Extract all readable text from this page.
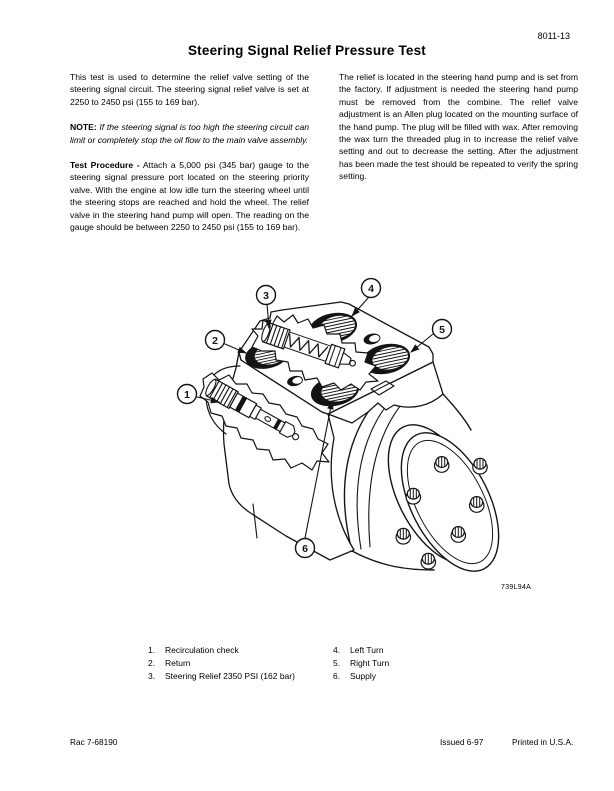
8011-13
Steering Signal Relief Pressure Test

This test is used to determine the relief valve setting of the steering signal circuit. The steering signal relief valve is set at 2250 to 2450 psi (155 to 169 bar).

NOTE: If the steering signal is too high the steering circuit can limit or completely stop the oil flow to the main valve assembly.

Test Procedure - Attach a 5,000 psi (345 bar) gauge to the steering signal pressure port located on the steering priority valve. With the engine at low idle turn the steering wheel until the steering stops are reached and hold the wheel. The relief valve in the steering hand pump will open. The reading on the gauge should be between 2250 to 2450 psi (155 to 169 bar).

The relief is located in the steering hand pump and is set from the factory. If adjustment is needed the steering hand pump must be removed from the combine. The relief valve adjustment is an Allen plug located on the mounting surface of the hand pump. The plug will be filled with wax. After removing the wax turn the threaded plug in to increase the relief valve setting and out to decrease the setting. After the adjustment has been made the test should be repeated to verify the spring setting.

1
2
3
4
5
6
739L94A
1.	Recirculation check
2.	Return
3.	Steering Relief 2350 PSI (162 bar)
4.	Left Turn
5.	Right Turn
6.	Supply
Rac 7-68190	Issued 6-97	Printed in U.S.A.
